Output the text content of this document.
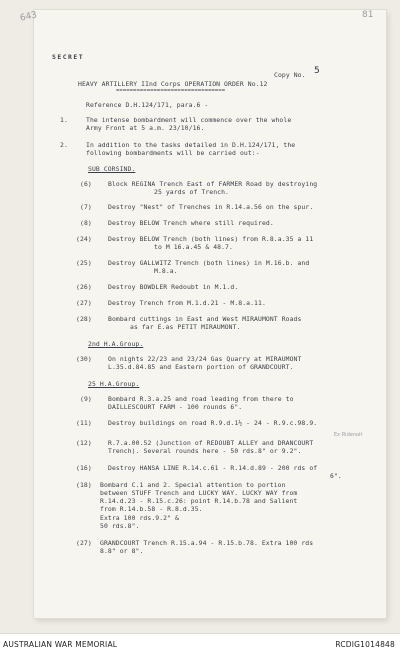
643	81
SECRET
Copy No. 5
HEAVY ARTILLERY IInd Corps OPERATION ORDER No.12
================================
Reference D.H.124/171, para.6 -
1.	The intense bombardment will commence over the whole
Army Front at 5 a.m. 23/10/16.
2.	In addition to the tasks detailed in D.H.124/171, the
following bombardments will be carried out:-
SUB CORSIND.
(6)	Block REGINA Trench East of FARMER Road by destroying
25 yards of Trench.
(7)	Destroy "Nest" of Trenches in R.14.a.56 on the spur.
(8)	Destroy BELOW Trench where still required.
(24)	Destroy BELOW Trench (both lines) from R.8.a.35 a 11
to M 16.a.45 & 48.7.
(25)	Destroy GALLWITZ Trench (both lines) in M.16.b. and
M.8.a.
(26)	Destroy BOWDLER Redoubt in M.1.d.
(27)	Destroy Trench from M.1.d.21 - M.8.a.11.
(28)	Bombard cuttings in East and West MIRAUMONT Roads
as far E.as PETIT MIRAUMONT.
2nd H.A.Group.
(30)	On nights 22/23 and 23/24 Gas Quarry at MIRAUMONT
L.35.d.84.85 and Eastern portion of GRANDCOURT.
25 H.A.Group.
(9)	Bombard R.3.a.25 and road leading from there to
DAILLESCOURT FARM - 100 rounds 6".
(11)	Destroy buildings on road R.9.d.1½ - 24 - R.9.c.98.9.
Ex Ridenoit
(12)	R.7.a.00.52 (Junction of REDOUBT ALLEY and DRANCOURT
Trench). Several rounds here - 50 rds.8" or 9.2".
(16)	Destroy HANSA LINE R.14.c.61 - R.14.d.89 - 200 rds of
6".
(18) Bombard C.1 and 2. Special attention to portion
between STUFF Trench and LUCKY WAY. LUCKY WAY from
R.14.d.23 - R.15.c.26: point R.14.b.78 and Salient
from R.14.b.58 - R.8.d.35.
Extra 100 rds.9.2" &
50 rds.8".
(27) GRANDCOURT Trench R.15.a.94 - R.15.b.78. Extra 100 rds
8.8" or 8".
AUSTRALIAN WAR MEMORIAL	RCDIG1014848
